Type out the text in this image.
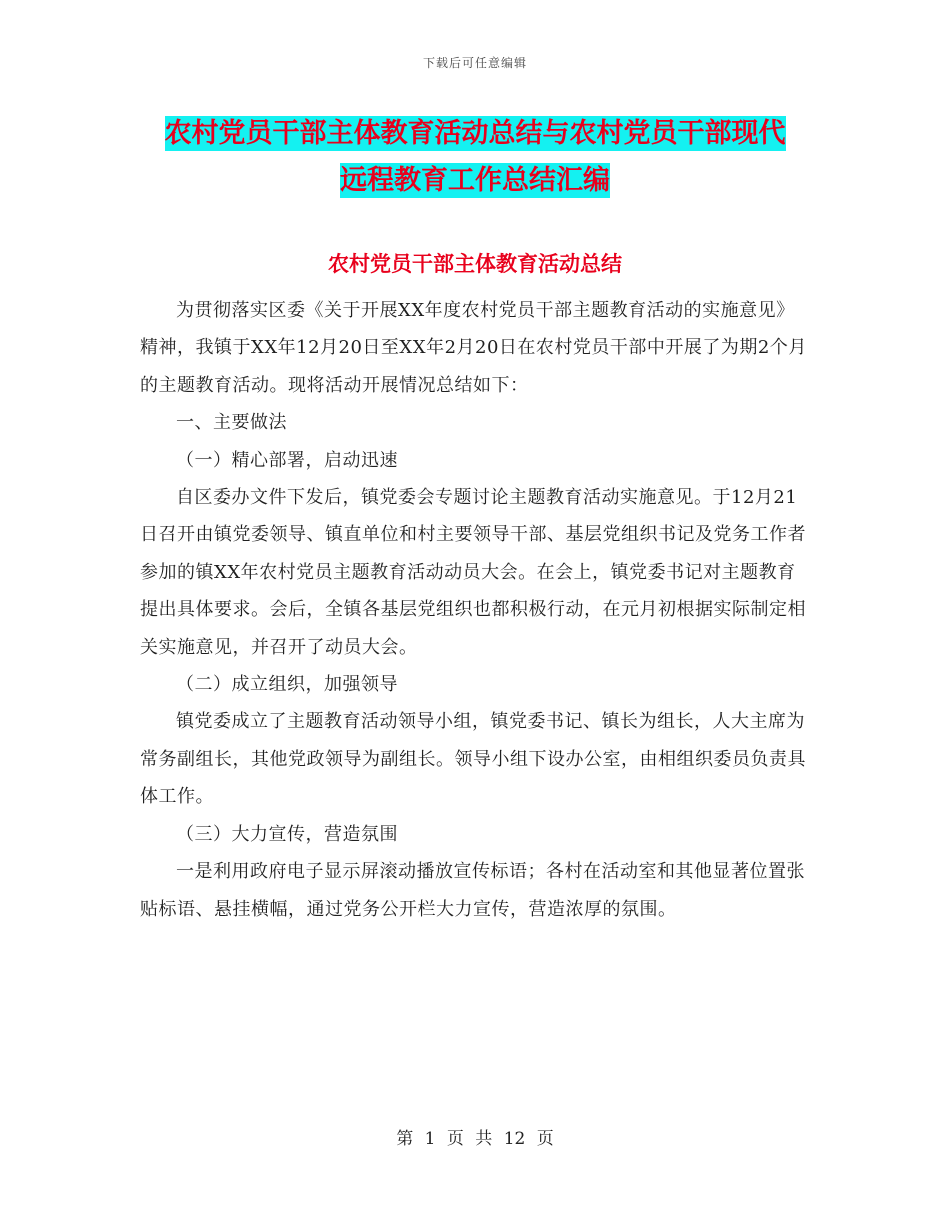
下载后可任意编辑
农村党员干部主体教育活动总结与农村党员干部现代
远程教育工作总结汇编
农村党员干部主体教育活动总结

为贯彻落实区委《关于开展XX年度农村党员干部主题教育活动的实施意见》精神，我镇于XX年12月20日至XX年2月20日在农村党员干部中开展了为期2个月的主题教育活动。现将活动开展情况总结如下：

一、主要做法

（一）精心部署，启动迅速

自区委办文件下发后，镇党委会专题讨论主题教育活动实施意见。于12月21日召开由镇党委领导、镇直单位和村主要领导干部、基层党组织书记及党务工作者参加的镇XX年农村党员主题教育活动动员大会。在会上，镇党委书记对主题教育提出具体要求。会后，全镇各基层党组织也都积极行动，在元月初根据实际制定相关实施意见，并召开了动员大会。

（二）成立组织，加强领导

镇党委成立了主题教育活动领导小组，镇党委书记、镇长为组长，人大主席为常务副组长，其他党政领导为副组长。领导小组下设办公室，由相组织委员负责具体工作。

（三）大力宣传，营造氛围

一是利用政府电子显示屏滚动播放宣传标语；各村在活动室和其他显著位置张贴标语、悬挂横幅，通过党务公开栏大力宣传，营造浓厚的氛围。

第 1 页 共 12 页
